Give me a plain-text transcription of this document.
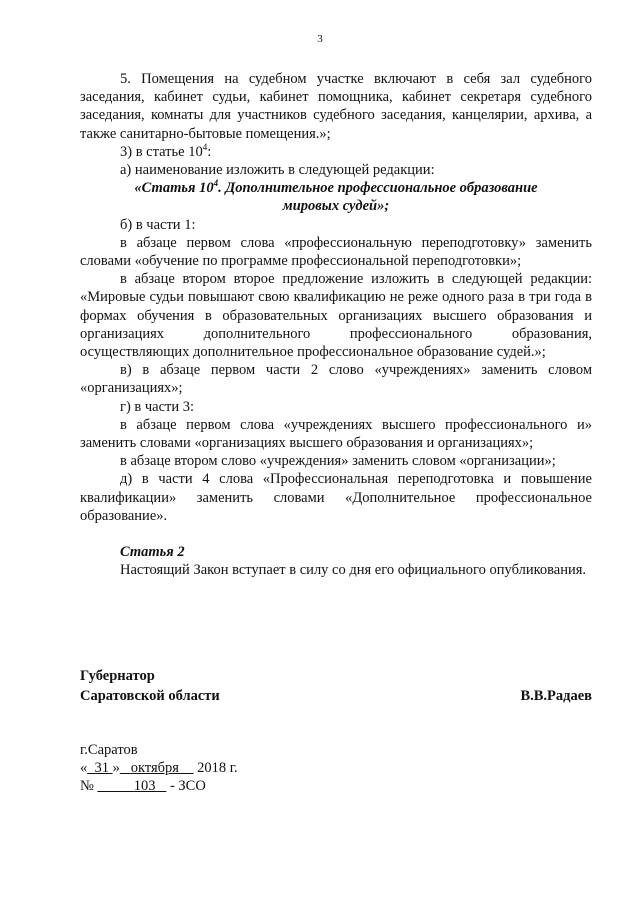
3

5. Помещения на судебном участке включают в себя зал судебного заседания, кабинет судьи, кабинет помощника, кабинет секретаря судебного заседания, комнаты для участников судебного заседания, канцелярии, архива, а также санитарно-бытовые помещения.»;

3) в статье $10^4$:

а) наименование изложить в следующей редакции:

«Статья $10^4$. Дополнительное профессиональное образование

мировых судей»;

б) в части 1:

в абзаце первом слова «профессиональную переподготовку» заменить словами «обучение по программе профессиональной переподготовки»;

в абзаце втором второе предложение изложить в следующей редакции: «Мировые судьи повышают свою квалификацию не реже одного раза в три года в формах обучения в образовательных организациях высшего образования и организациях дополнительного профессионального образования, осуществляющих дополнительное профессиональное образование судей.»;

в) в абзаце первом части 2 слово «учреждениях» заменить словом «организациях»;

г) в части 3:

в абзаце первом слова «учреждениях высшего профессионального и» заменить словами «организациях высшего образования и организациях»;

в абзаце втором слово «учреждения» заменить словом «организации»;

д) в части 4 слова «Профессиональная переподготовка и повышение квалификации» заменить словами «Дополнительное профессиональное образование».

Статья 2

Настоящий Закон вступает в силу со дня его официального опубликования.

Губернатор
Саратовской области	В.В.Радаев
г.Саратов
« 31 » октября 2018 г.
№	103 - ЗСО
